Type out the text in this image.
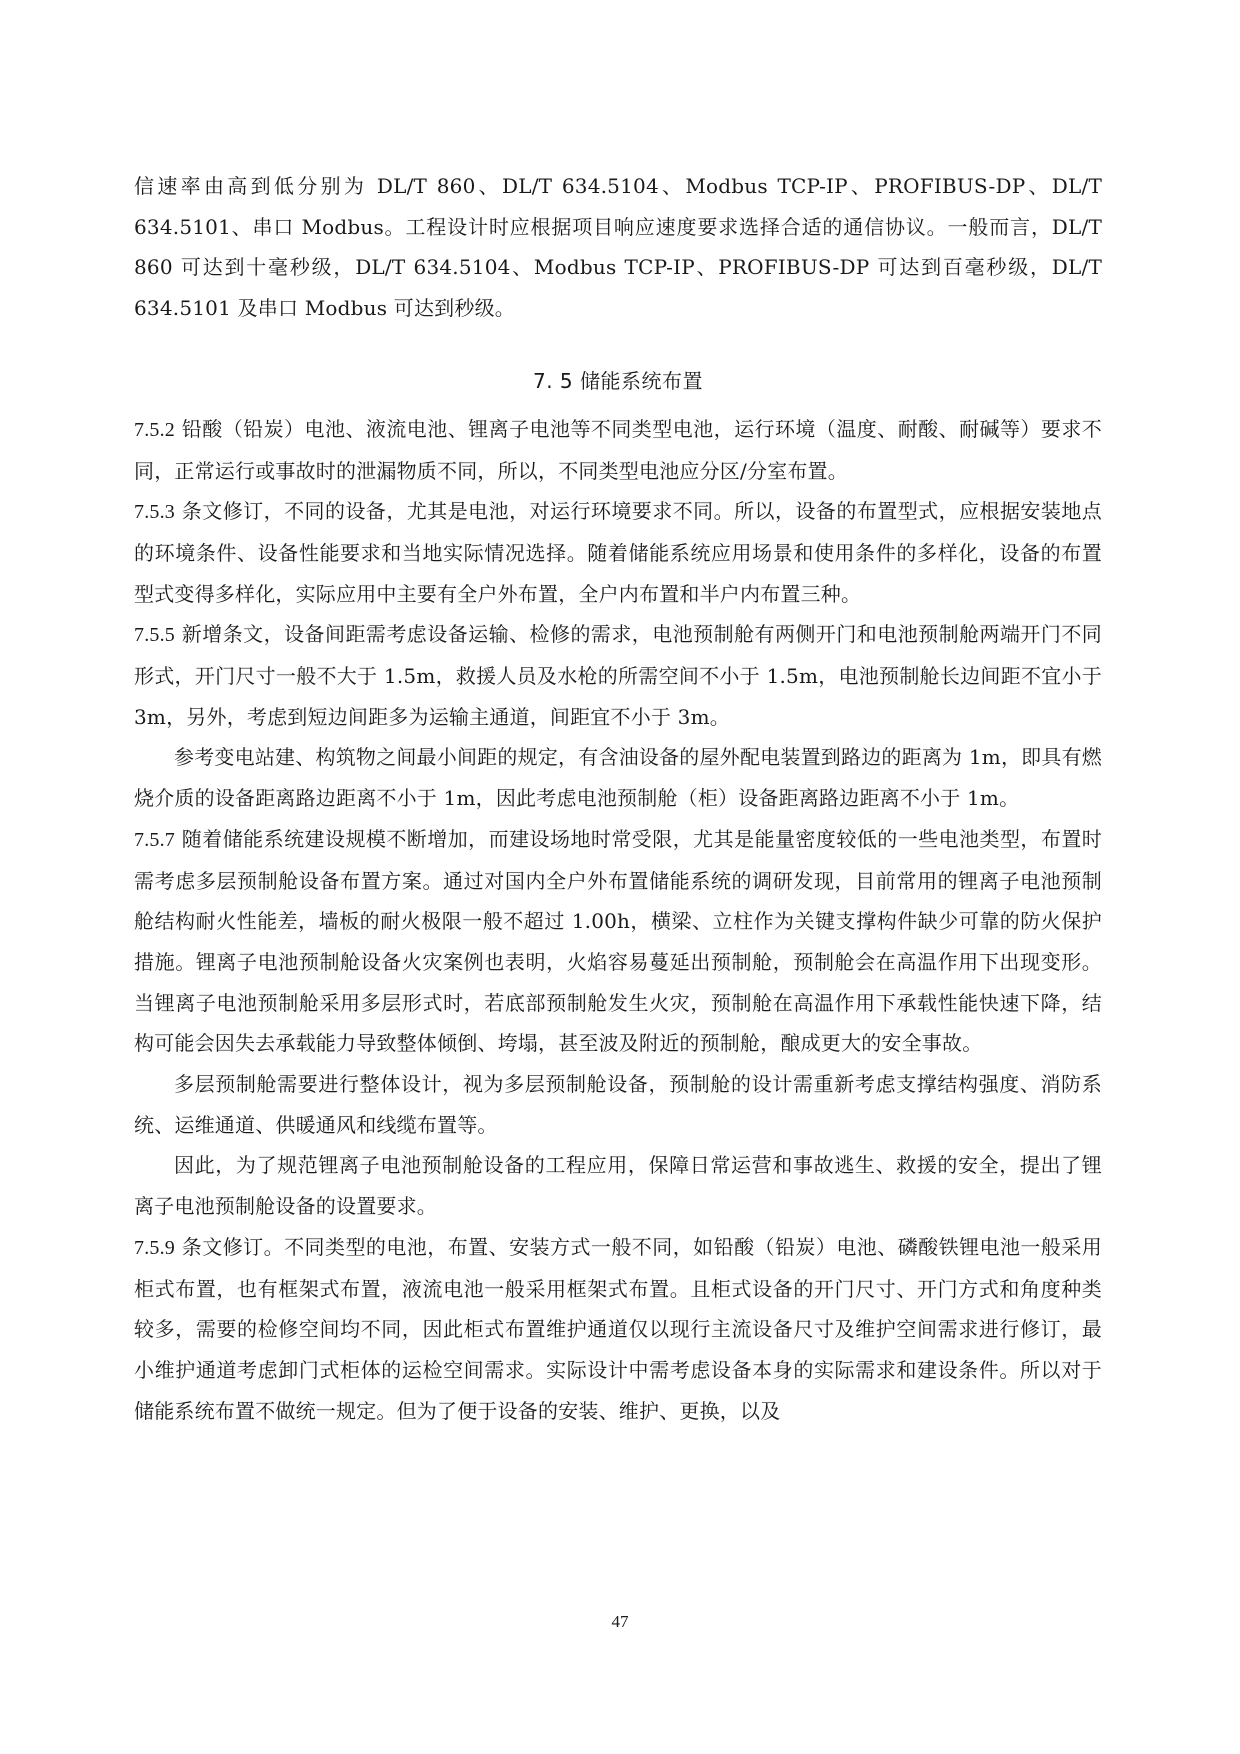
信速率由高到低分别为 DL/T 860、DL/T 634.5104、Modbus TCP-IP、PROFIBUS-DP、DL/T 634.5101、串口 Modbus。工程设计时应根据项目响应速度要求选择合适的通信协议。一般而言，DL/T 860 可达到十毫秒级，DL/T 634.5104、Modbus TCP-IP、PROFIBUS-DP 可达到百毫秒级，DL/T 634.5101 及串口 Modbus 可达到秒级。

7. 5 储能系统布置

7.5.2 铅酸（铅炭）电池、液流电池、锂离子电池等不同类型电池，运行环境（温度、耐酸、耐碱等）要求不同，正常运行或事故时的泄漏物质不同，所以，不同类型电池应分区/分室布置。

7.5.3 条文修订，不同的设备，尤其是电池，对运行环境要求不同。所以，设备的布置型式，应根据安装地点的环境条件、设备性能要求和当地实际情况选择。随着储能系统应用场景和使用条件的多样化，设备的布置型式变得多样化，实际应用中主要有全户外布置，全户内布置和半户内布置三种。

7.5.5 新增条文，设备间距需考虑设备运输、检修的需求，电池预制舱有两侧开门和电池预制舱两端开门不同形式，开门尺寸一般不大于 1.5m，救援人员及水枪的所需空间不小于 1.5m，电池预制舱长边间距不宜小于 3m，另外，考虑到短边间距多为运输主通道，间距宜不小于 3m。

参考变电站建、构筑物之间最小间距的规定，有含油设备的屋外配电装置到路边的距离为 1m，即具有燃烧介质的设备距离路边距离不小于 1m，因此考虑电池预制舱（柜）设备距离路边距离不小于 1m。

7.5.7 随着储能系统建设规模不断增加，而建设场地时常受限，尤其是能量密度较低的一些电池类型，布置时需考虑多层预制舱设备布置方案。通过对国内全户外布置储能系统的调研发现，目前常用的锂离子电池预制舱结构耐火性能差，墙板的耐火极限一般不超过 1.00h，横梁、立柱作为关键支撑构件缺少可靠的防火保护措施。锂离子电池预制舱设备火灾案例也表明，火焰容易蔓延出预制舱，预制舱会在高温作用下出现变形。当锂离子电池预制舱采用多层形式时，若底部预制舱发生火灾，预制舱在高温作用下承载性能快速下降，结构可能会因失去承载能力导致整体倾倒、垮塌，甚至波及附近的预制舱，酿成更大的安全事故。

多层预制舱需要进行整体设计，视为多层预制舱设备，预制舱的设计需重新考虑支撑结构强度、消防系统、运维通道、供暖通风和线缆布置等。

因此，为了规范锂离子电池预制舱设备的工程应用，保障日常运营和事故逃生、救援的安全，提出了锂离子电池预制舱设备的设置要求。

7.5.9 条文修订。不同类型的电池，布置、安装方式一般不同，如铅酸（铅炭）电池、磷酸铁锂电池一般采用柜式布置，也有框架式布置，液流电池一般采用框架式布置。且柜式设备的开门尺寸、开门方式和角度种类较多，需要的检修空间均不同，因此柜式布置维护通道仅以现行主流设备尺寸及维护空间需求进行修订，最小维护通道考虑卸门式柜体的运检空间需求。实际设计中需考虑设备本身的实际需求和建设条件。所以对于储能系统布置不做统一规定。但为了便于设备的安装、维护、更换，以及

47
